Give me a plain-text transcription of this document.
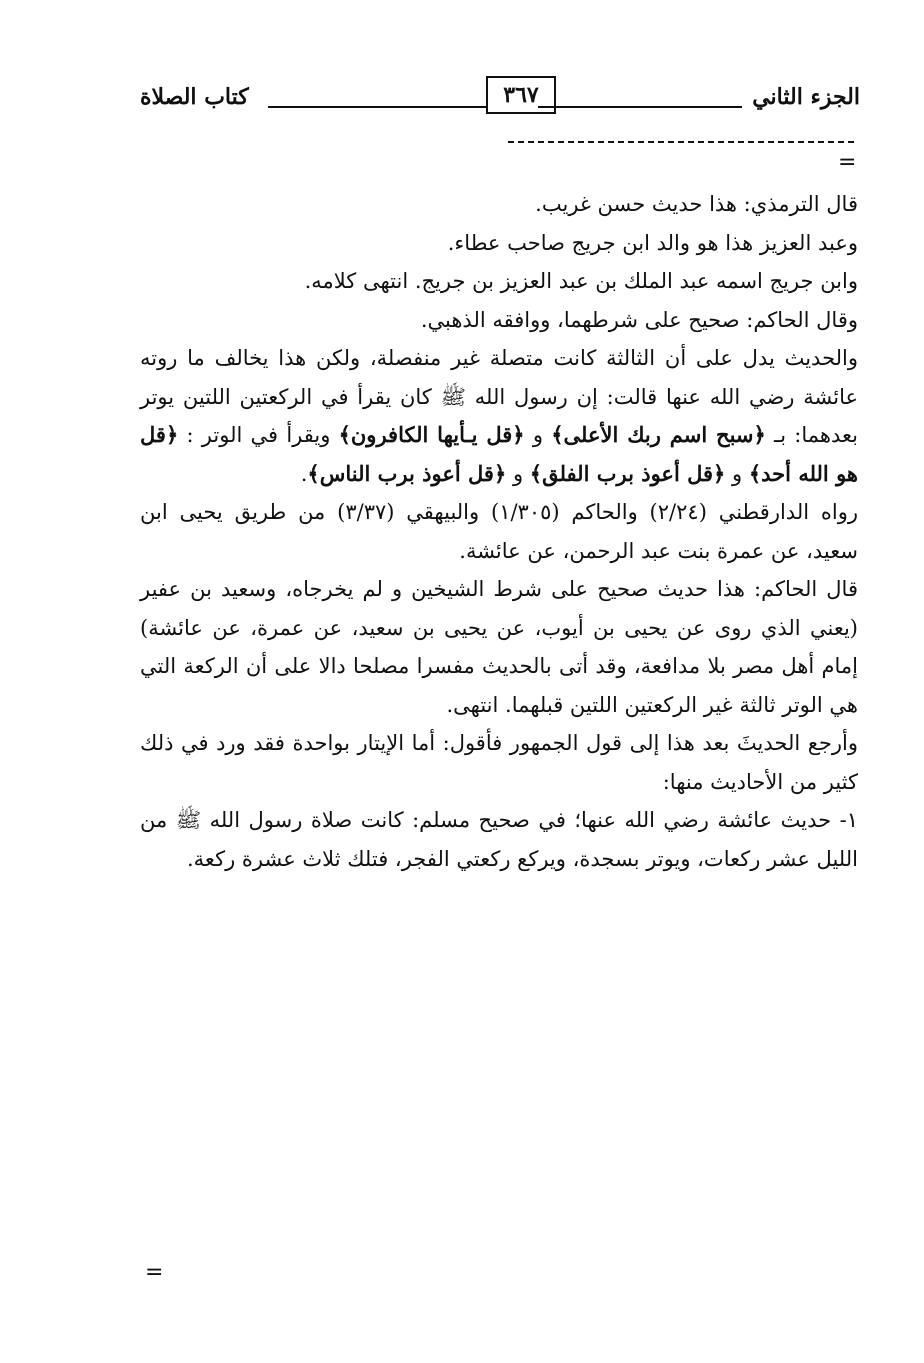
الجزء الثاني
٣٦٧
كتاب الصلاة
=

قال الترمذي: هذا حديث حسن غريب.

وعبد العزيز هذا هو والد ابن جريج صاحب عطاء.

وابن جريج اسمه عبد الملك بن عبد العزيز بن جريج. انتهى كلامه.

وقال الحاكم: صحيح على شرطهما، ووافقه الذهبي.

والحديث يدل على أن الثالثة كانت متصلة غير منفصلة، ولكن هذا يخالف ما روته عائشة رضي الله عنها قالت: إن رسول الله ﷺ كان يقرأ في الركعتين اللتين يوتر بعدهما: بـ ﴿سبح اسم ربك الأعلى﴾ و ﴿قل يـأيها الكافرون﴾ ويقرأ في الوتر : ﴿قل هو الله أحد﴾ و ﴿قل أعوذ برب الفلق﴾ و ﴿قل أعوذ برب الناس﴾.

رواه الدارقطني (٢/٢٤) والحاكم (١/٣٠٥) والبيهقي (٣/٣٧) من طريق يحيى ابن سعيد، عن عمرة بنت عبد الرحمن، عن عائشة.

قال الحاكم: هذا حديث صحيح على شرط الشيخين و لم يخرجاه، وسعيد بن عفير (يعني الذي روى عن يحيى بن أيوب، عن يحيى بن سعيد، عن عمرة، عن عائشة) إمام أهل مصر بلا مدافعة، وقد أتى بالحديث مفسرا مصلحا دالا على أن الركعة التي هي الوتر ثالثة غير الركعتين اللتين قبلهما. انتهى.

وأرجع الحديثَ بعد هذا إلى قول الجمهور فأقول: أما الإيتار بواحدة فقد ورد في ذلك كثير من الأحاديث منها:

١- حديث عائشة رضي الله عنها؛ في صحيح مسلم: كانت صلاة رسول الله ﷺ من الليل عشر ركعات، ويوتر بسجدة، ويركع ركعتي الفجر، فتلك ثلاث عشرة ركعة.

=
